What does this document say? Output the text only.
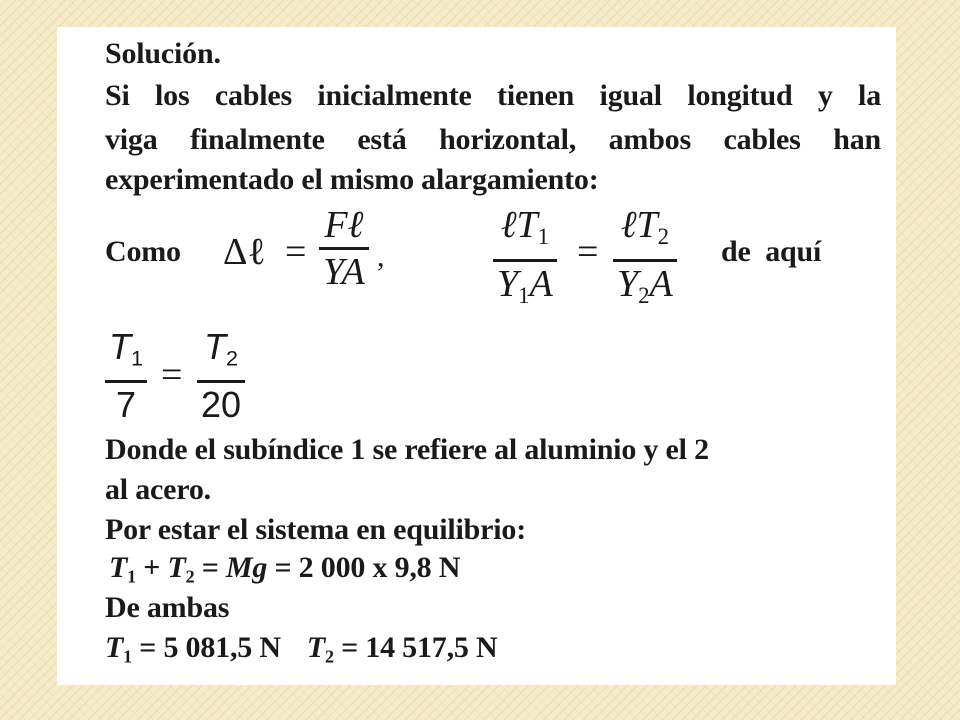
Solución.
Si los cables inicialmente tienen igual longitud y la
viga finalmente está horizontal, ambos cables han
experimentado el mismo alargamiento:
Como Δℓ =
Fℓ
YA ,
ℓT$_1$
$Y_1A$
=
ℓT$_2$
$Y_2A$
de  aquí
$T_1$
7
=
$T_2$
20
Donde el subíndice 1 se refiere al aluminio y el 2
al acero.
Por estar el sistema en equilibrio:
$T_1 + T_2 = Mg = 2$ 000 x 9,8 N
De ambas
$T_1 = 5$ 081,5 N $T_2 = 14$ 517,5 N
